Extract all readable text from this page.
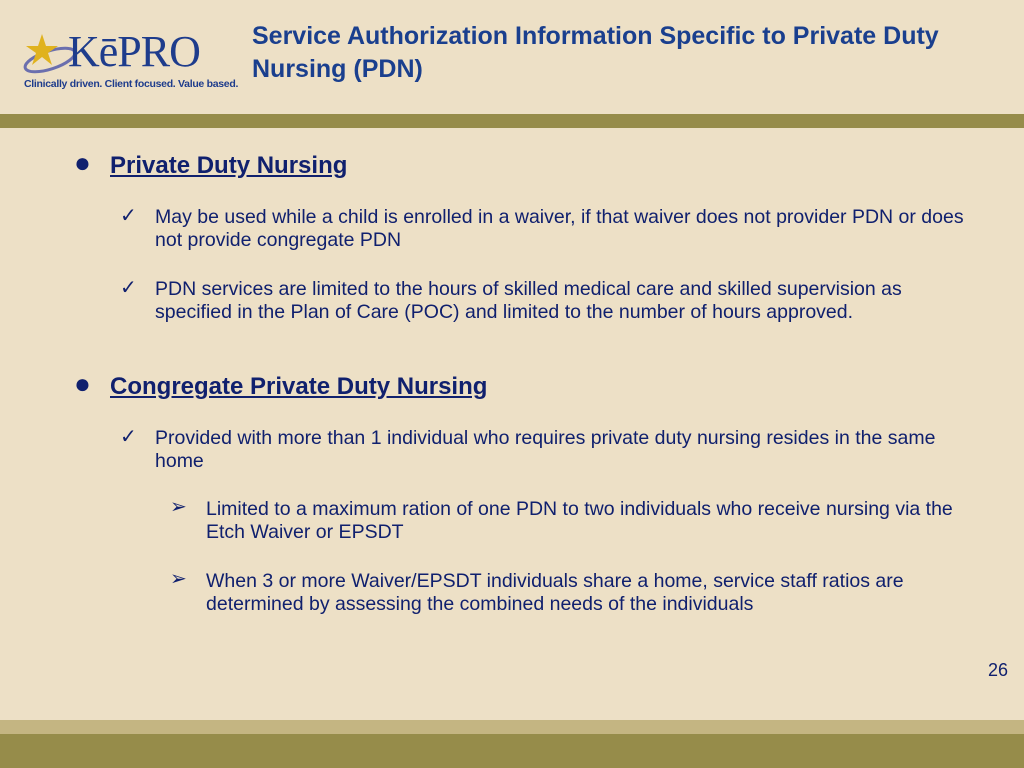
KēPRO
Clinically driven. Client focused. Value based.
Service Authorization Information Specific to Private Duty Nursing (PDN)
● Private Duty Nursing
✓ May be used while a child is enrolled in a waiver, if that waiver does not provider PDN or does not provide congregate PDN
✓ PDN services are limited to the hours of skilled medical care and skilled supervision as specified in the Plan of Care (POC) and limited to the number of hours approved.
● Congregate Private Duty Nursing
✓ Provided with more than 1 individual who requires private duty nursing resides in the same home
➢ Limited to a maximum ration of one PDN to two individuals who receive nursing via the Etch Waiver or EPSDT
➢ When 3 or more Waiver/EPSDT individuals share a home, service staff ratios are determined by assessing the combined needs of the individuals
26
